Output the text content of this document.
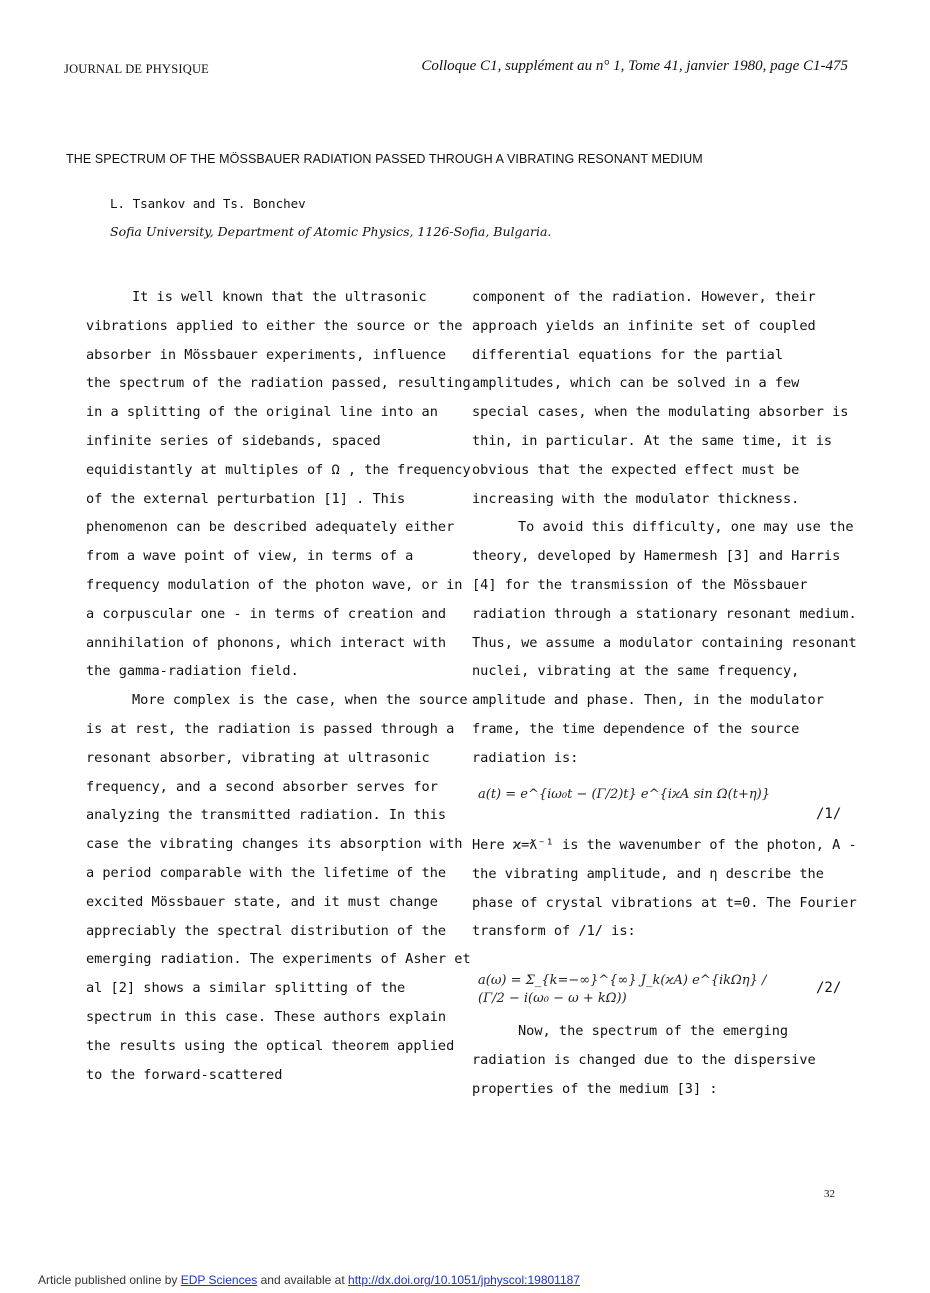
JOURNAL DE PHYSIQUE	Colloque C1, supplément au n° 1, Tome 41, janvier 1980, page C1-475
THE SPECTRUM OF THE MÖSSBAUER RADIATION PASSED THROUGH A VIBRATING RESONANT MEDIUM
L. Tsankov and Ts. Bonchev
Sofia University, Department of Atomic Physics, 1126-Sofia, Bulgaria.

It is well known that the ultrasonic vibrations applied to either the source or the absorber in Mössbauer experiments, influence the spectrum of the radiation passed, resulting in a splitting of the original line into an infinite series of sidebands, spaced equidistantly at multiples of Ω , the frequency of the external perturbation [1] . This phenomenon can be described adequately either from a wave point of view, in terms of a frequency modulation of the photon wave, or in a corpuscular one - in terms of creation and annihilation of phonons, which interact with the gamma-radiation field.

More complex is the case, when the source is at rest, the radiation is passed through a resonant absorber, vibrating at ultrasonic frequency, and a second absorber serves for analyzing the transmitted radiation. In this case the vibrating changes its absorption with a period comparable with the lifetime of the excited Mössbauer state, and it must change appreciably the spectral distribution of the emerging radiation. The experiments of Asher et al [2] shows a similar splitting of the spectrum in this case. These authors explain the results using the optical theorem applied to the forward-scattered

component of the radiation. However, their approach yields an infinite set of coupled differential equations for the partial amplitudes, which can be solved in a few special cases, when the modulating absorber is thin, in particular. At the same time, it is obvious that the expected effect must be increasing with the modulator thickness.

To avoid this difficulty, one may use the theory, developed by Hamermesh [3] and Harris [4] for the transmission of the Mössbauer radiation through a stationary resonant medium. Thus, we assume a modulator containing resonant nuclei, vibrating at the same frequency, amplitude and phase. Then, in the modulator frame, the time dependence of the source radiation is:

a(t) = e^{iω₀t − (Γ/2)t} e^{iϰA sin Ω(t+η)}
/1/

Here ϰ=ƛ⁻¹ is the wavenumber of the photon, A - the vibrating amplitude, and η describe the phase of crystal vibrations at t=0. The Fourier transform of /1/ is:

a(ω) = Σ_{k=−∞}^{∞} J_k(ϰA) e^{ikΩη} / (Γ/2 − i(ω₀ − ω + kΩ))
/2/

Now, the spectrum of the emerging radiation is changed due to the dispersive properties of the medium [3] :

32
Article published online by EDP Sciences and available at http://dx.doi.org/10.1051/jphyscol:19801187
